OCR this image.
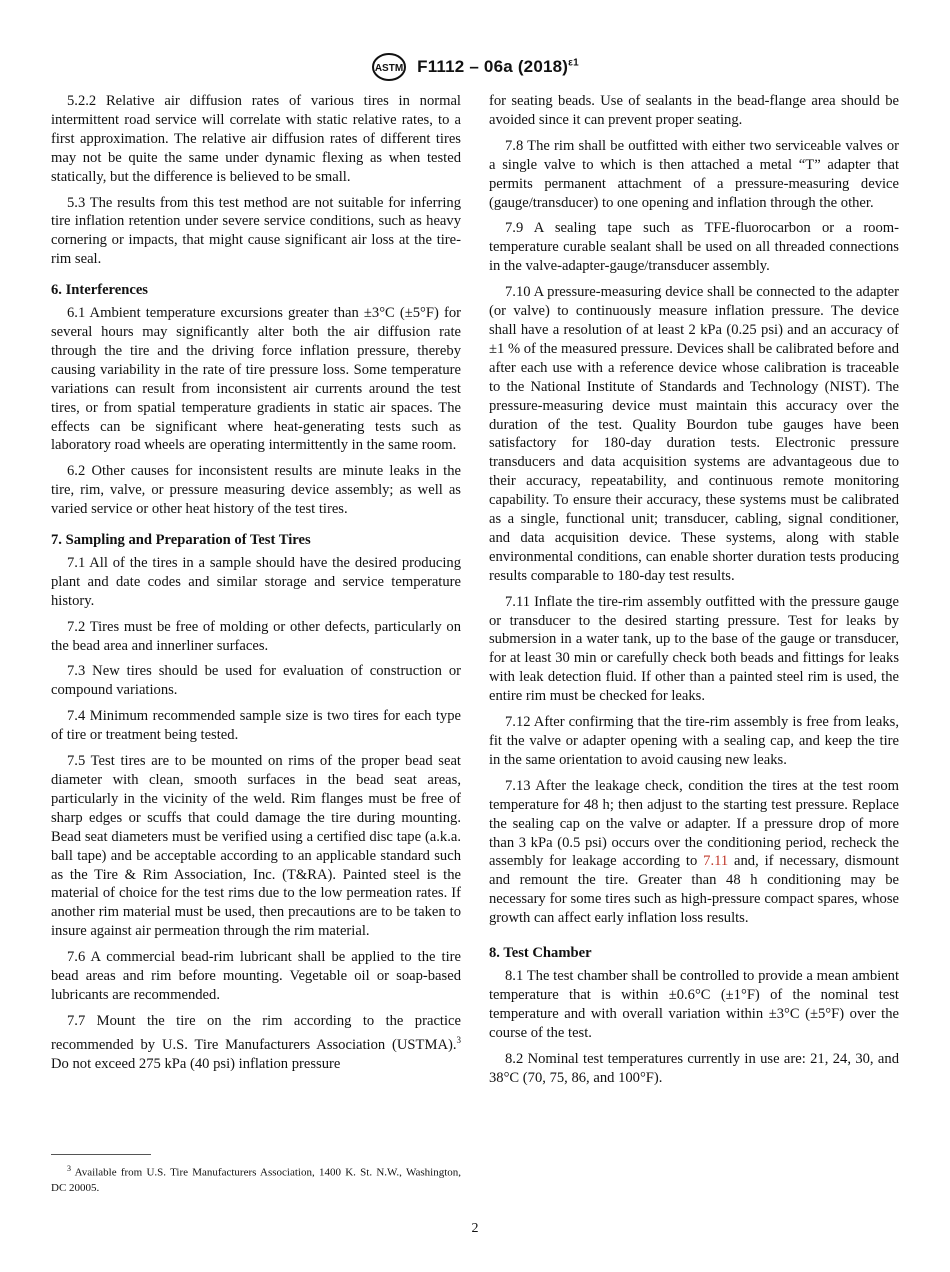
ASTM F1112 – 06a $(2018)^{\varepsilon 1}$

5.2.2 Relative air diffusion rates of various tires in normal intermittent road service will correlate with static relative rates, to a first approximation. The relative air diffusion rates of different tires may not be quite the same under dynamic flexing as when tested statically, but the difference is believed to be small.

5.3 The results from this test method are not suitable for inferring tire inflation retention under severe service conditions, such as heavy cornering or impacts, that might cause significant air loss at the tire-rim seal.

6. Interferences

6.1 Ambient temperature excursions greater than ±3°C (±5°F) for several hours may significantly alter both the air diffusion rate through the tire and the driving force inflation pressure, thereby causing variability in the rate of tire pressure loss. Some temperature variations can result from inconsistent air currents around the test tires, or from spatial temperature gradients in static air spaces. The effects can be significant where heat-generating tests such as laboratory road wheels are operating intermittently in the same room.

6.2 Other causes for inconsistent results are minute leaks in the tire, rim, valve, or pressure measuring device assembly; as well as varied service or other heat history of the test tires.

7. Sampling and Preparation of Test Tires

7.1 All of the tires in a sample should have the desired producing plant and date codes and similar storage and service temperature history.

7.2 Tires must be free of molding or other defects, particularly on the bead area and innerliner surfaces.

7.3 New tires should be used for evaluation of construction or compound variations.

7.4 Minimum recommended sample size is two tires for each type of tire or treatment being tested.

7.5 Test tires are to be mounted on rims of the proper bead seat diameter with clean, smooth surfaces in the bead seat areas, particularly in the vicinity of the weld. Rim flanges must be free of sharp edges or scuffs that could damage the tire during mounting. Bead seat diameters must be verified using a certified disc tape (a.k.a. ball tape) and be acceptable according to an applicable standard such as the Tire & Rim Association, Inc. (T&RA). Painted steel is the material of choice for the test rims due to the low permeation rates. If another rim material must be used, then precautions are to be taken to insure against air permeation through the rim material.

7.6 A commercial bead-rim lubricant shall be applied to the tire bead areas and rim before mounting. Vegetable oil or soap-based lubricants are recommended.

7.7 Mount the tire on the rim according to the practice recommended by U.S. Tire Manufacturers Association (USTMA).$^3$ Do not exceed 275 kPa (40 psi) inflation pressure

for seating beads. Use of sealants in the bead-flange area should be avoided since it can prevent proper seating.

7.8 The rim shall be outfitted with either two serviceable valves or a single valve to which is then attached a metal “T” adapter that permits permanent attachment of a pressure-measuring device (gauge/transducer) to one opening and inflation through the other.

7.9 A sealing tape such as TFE-fluorocarbon or a room-temperature curable sealant shall be used on all threaded connections in the valve-adapter-gauge/transducer assembly.

7.10 A pressure-measuring device shall be connected to the adapter (or valve) to continuously measure inflation pressure. The device shall have a resolution of at least 2 kPa (0.25 psi) and an accuracy of ±1 % of the measured pressure. Devices shall be calibrated before and after each use with a reference device whose calibration is traceable to the National Institute of Standards and Technology (NIST). The pressure-measuring device must maintain this accuracy over the duration of the test. Quality Bourdon tube gauges have been satisfactory for 180-day duration tests. Electronic pressure transducers and data acquisition systems are advantageous due to their accuracy, repeatability, and continuous remote monitoring capability. To ensure their accuracy, these systems must be calibrated as a single, functional unit; transducer, cabling, signal conditioner, and data acquisition device. These systems, along with stable environmental conditions, can enable shorter duration tests producing results comparable to 180-day test results.

7.11 Inflate the tire-rim assembly outfitted with the pressure gauge or transducer to the desired starting pressure. Test for leaks by submersion in a water tank, up to the base of the gauge or transducer, for at least 30 min or carefully check both beads and fittings for leaks with leak detection fluid. If other than a painted steel rim is used, the entire rim must be checked for leaks.

7.12 After confirming that the tire-rim assembly is free from leaks, fit the valve or adapter opening with a sealing cap, and keep the tire in the same orientation to avoid causing new leaks.

7.13 After the leakage check, condition the tires at the test room temperature for 48 h; then adjust to the starting test pressure. Replace the sealing cap on the valve or adapter. If a pressure drop of more than 3 kPa (0.5 psi) occurs over the conditioning period, recheck the assembly for leakage according to 7.11 and, if necessary, dismount and remount the tire. Greater than 48 h conditioning may be necessary for some tires such as high-pressure compact spares, whose growth can affect early inflation loss results.

8. Test Chamber

8.1 The test chamber shall be controlled to provide a mean ambient temperature that is within ±0.6°C (±1°F) of the nominal test temperature and with overall variation within ±3°C (±5°F) over the course of the test.

8.2 Nominal test temperatures currently in use are: 21, 24, 30, and 38°C (70, 75, 86, and 100°F).

$^3$ Available from U.S. Tire Manufacturers Association, 1400 K. St. N.W., Washington, DC 20005.
2
